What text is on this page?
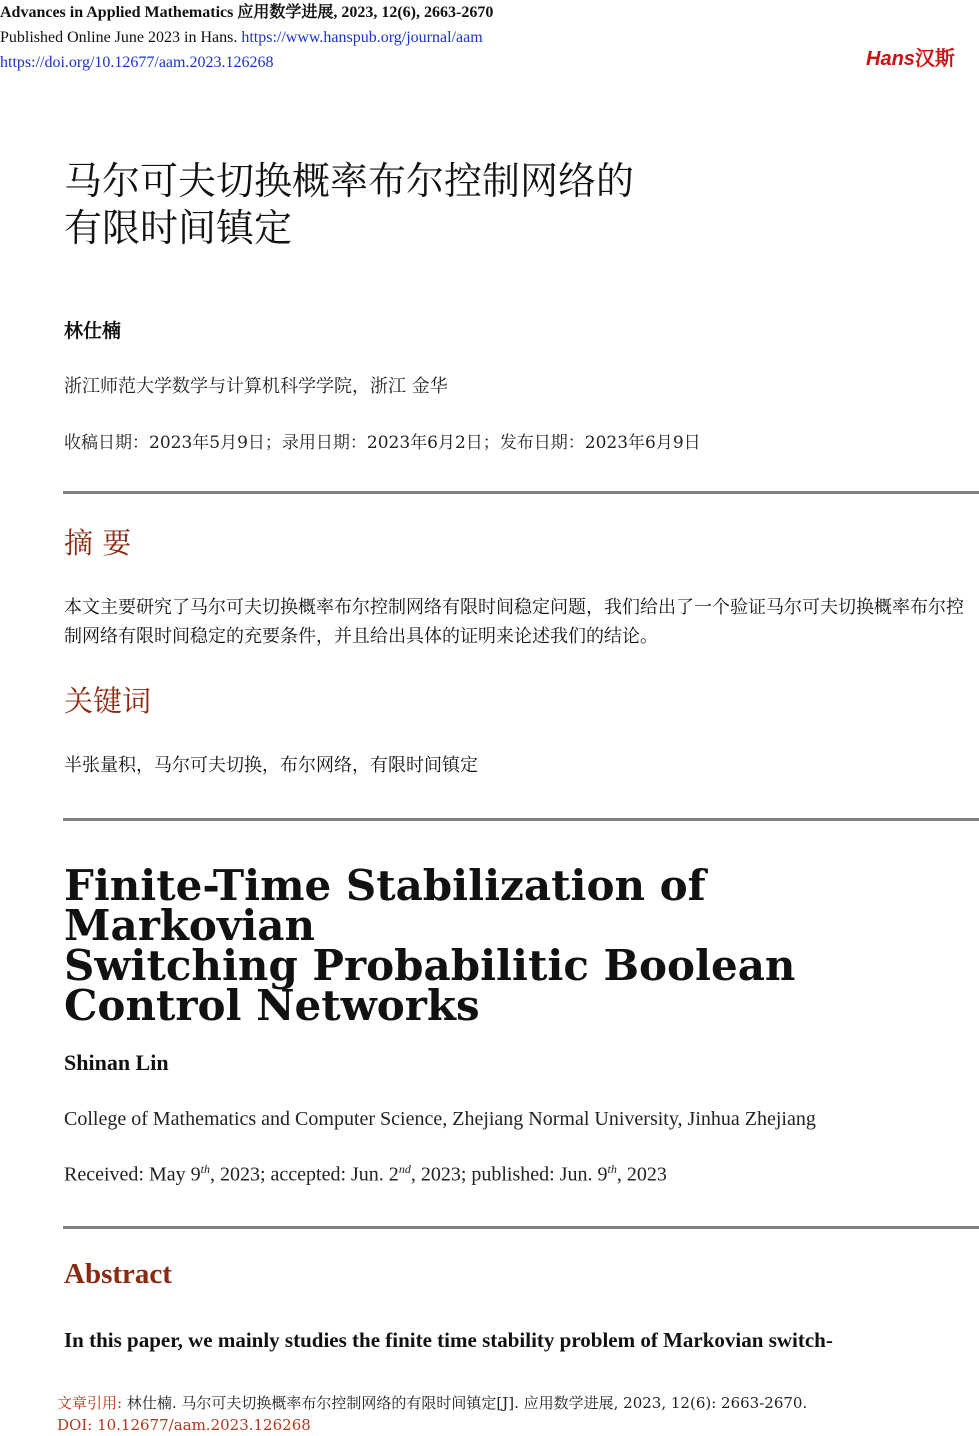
Advances in Applied Mathematics 应用数学进展, 2023, 12(6), 2663-2670
Published Online June 2023 in Hans. https://www.hanspub.org/journal/aam
https://doi.org/10.12677/aam.2023.126268	Hans汉斯
马尔可夫切换概率布尔控制网络的
有限时间镇定
林仕楠
浙江师范大学数学与计算机科学学院，浙江 金华
收稿日期：2023年5月9日；录用日期：2023年6月2日；发布日期：2023年6月9日
摘 要
本文主要研究了马尔可夫切换概率布尔控制网络有限时间稳定问题，我们给出了一个验证马尔可夫切换概率布尔控制网络有限时间稳定的充要条件，并且给出具体的证明来论述我们的结论。
关键词
半张量积，马尔可夫切换，布尔网络，有限时间镇定
Finite-Time Stabilization of Markovian
Switching Probabilitic Boolean
Control Networks
Shinan Lin
College of Mathematics and Computer Science, Zhejiang Normal University, Jinhua Zhejiang
Received: May 9th, 2023; accepted: Jun. 2nd, 2023; published: Jun. 9th, 2023
Abstract
In this paper, we mainly studies the finite time stability problem of Markovian switch-
文章引用: 林仕楠. 马尔可夫切换概率布尔控制网络的有限时间镇定[J]. 应用数学进展, 2023, 12(6): 2663-2670.
DOI: 10.12677/aam.2023.126268
